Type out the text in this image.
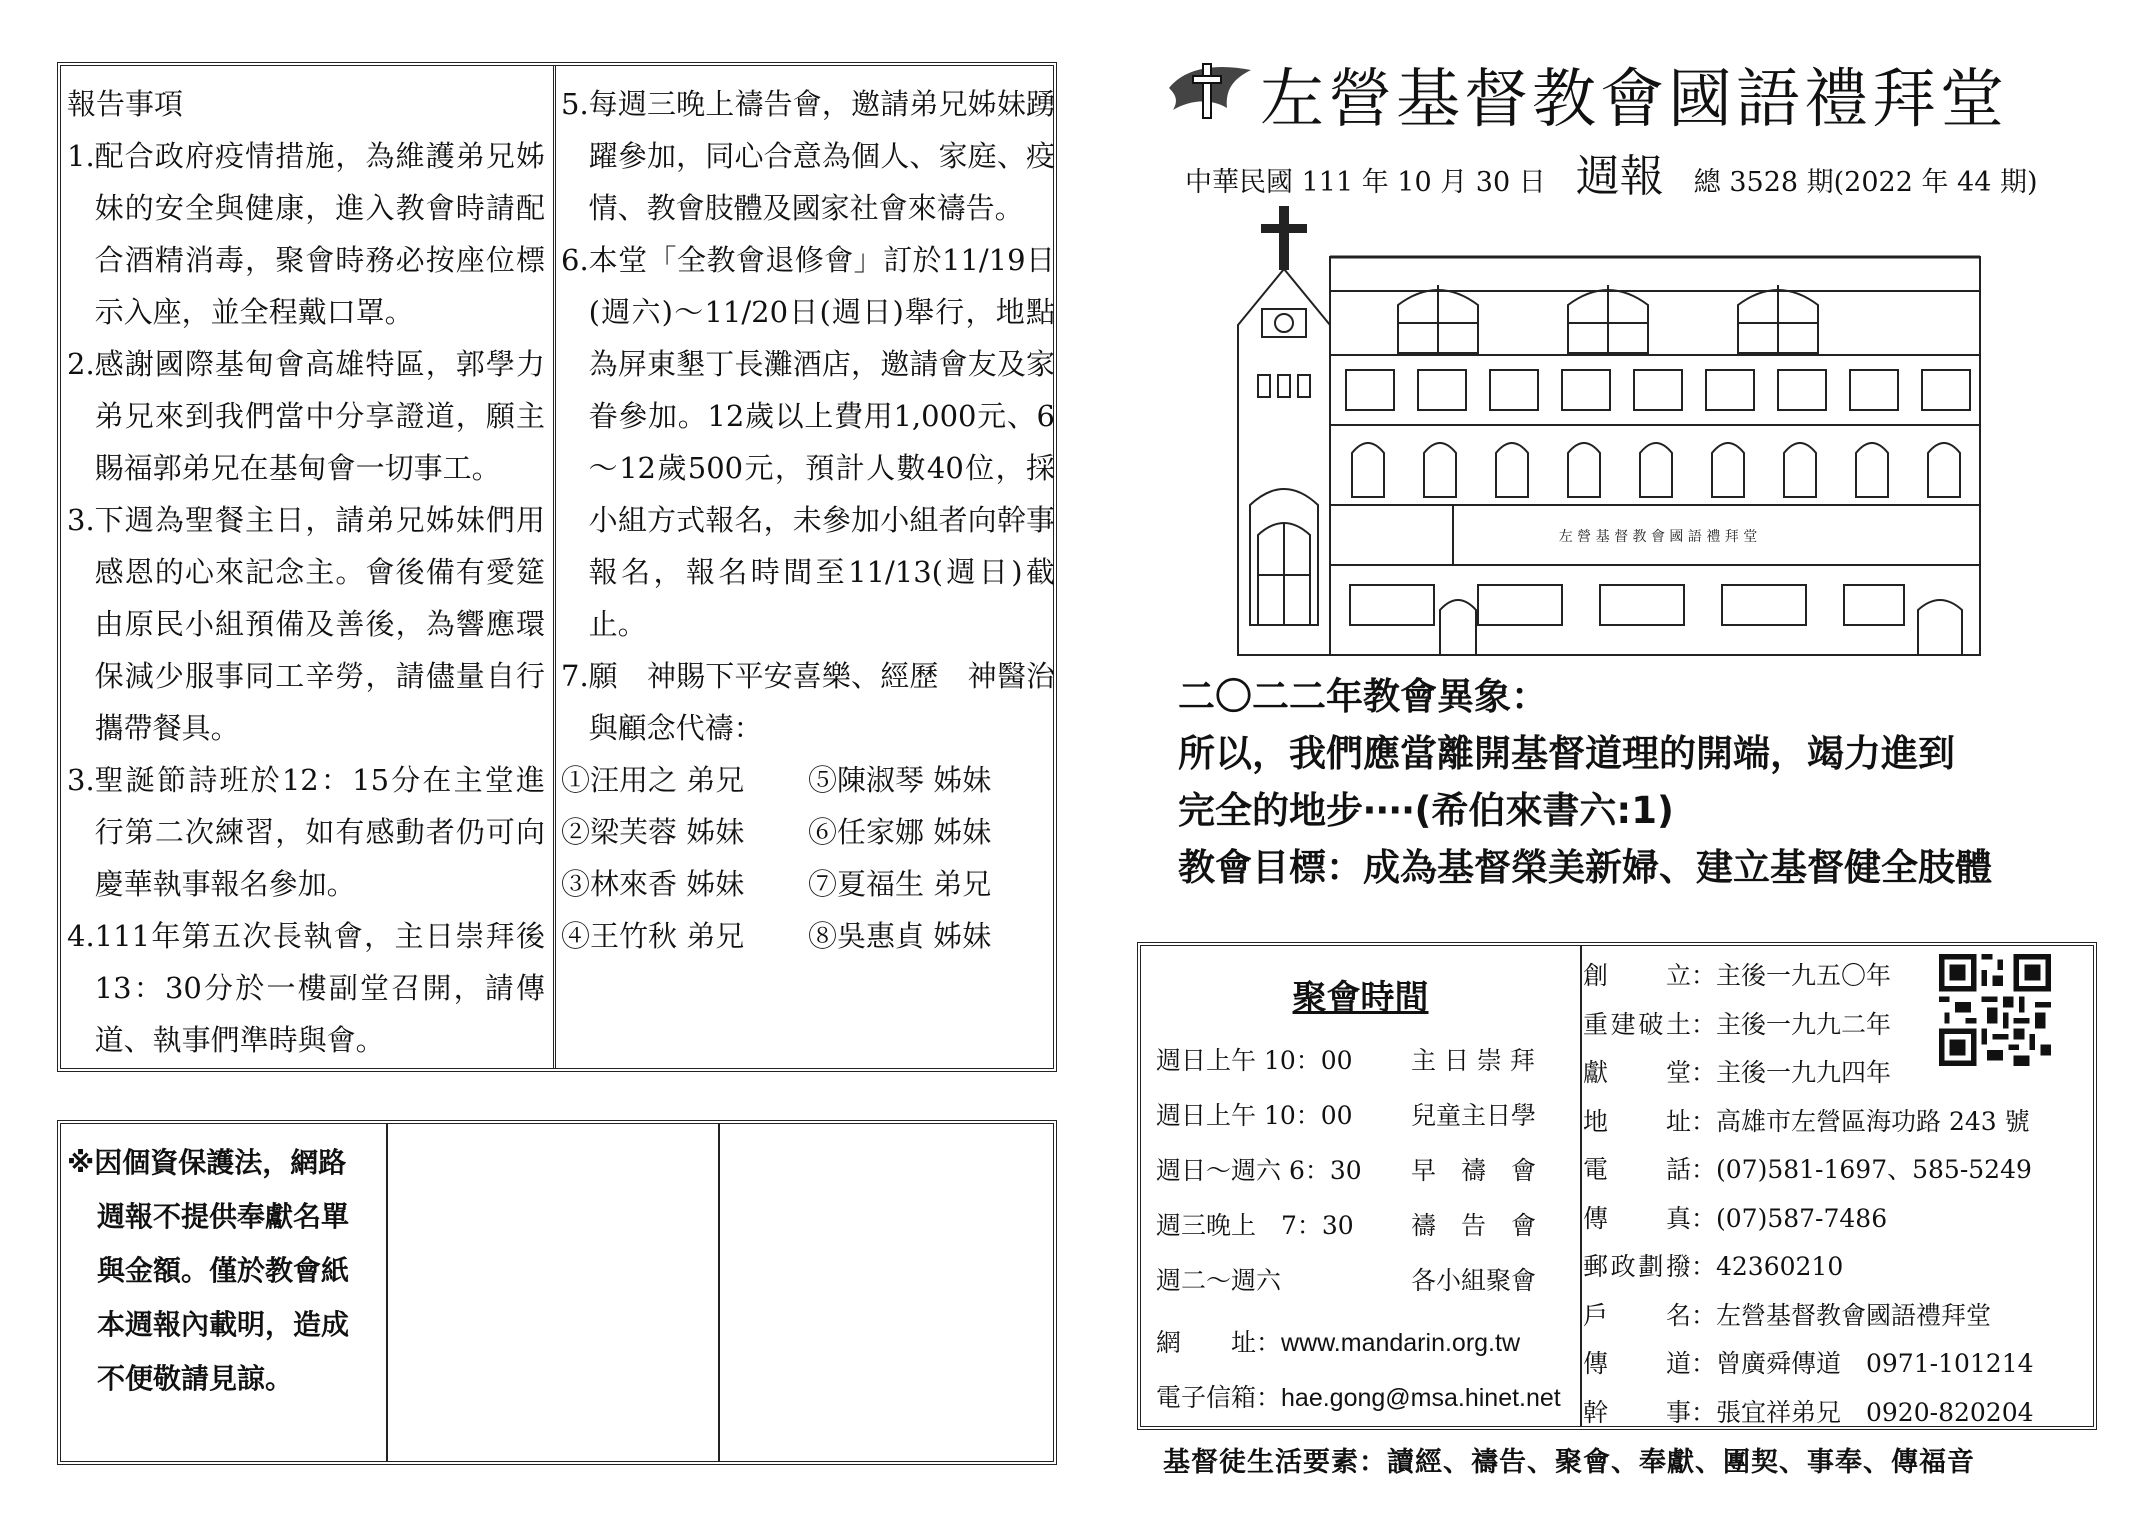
報告事項
1. 配合政府疫情措施，為維護弟兄姊妹的安全與健康，進入教會時請配合酒精消毒，聚會時務必按座位標示入座，並全程戴口罩。
2. 感謝國際基甸會高雄特區，郭學力弟兄來到我們當中分享證道，願主賜福郭弟兄在基甸會一切事工。
3. 下週為聖餐主日，請弟兄姊妹們用感恩的心來記念主。會後備有愛筵由原民小組預備及善後，為響應環保減少服事同工辛勞，請儘量自行攜帶餐具。
3. 聖誕節詩班於12：15分在主堂進行第二次練習，如有感動者仍可向慶華執事報名參加。
4. 111年第五次長執會，主日崇拜後13：30分於一樓副堂召開，請傳道、執事們準時與會。
5. 每週三晚上禱告會，邀請弟兄姊妹踴躍參加，同心合意為個人、家庭、疫情、教會肢體及國家社會來禱告。
6. 本堂「全教會退修會」訂於11/19日(週六)～11/20日(週日)舉行，地點為屏東墾丁長灘酒店，邀請會友及家眷參加。12歲以上費用1,000元、6～12歲500元，預計人數40位，採小組方式報名，未參加小組者向幹事報名，報名時間至11/13(週日)截止。
7. 願　神賜下平安喜樂、經歷　神醫治與顧念代禱：
①汪用之 弟兄	⑤陳淑琴 姊妹
②梁芙蓉 姊妹	⑥任家娜 姊妹
③林來香 姊妹	⑦夏福生 弟兄
④王竹秋 弟兄	⑧吳惠貞 姊妹
※因個資保護法，網路
週報不提供奉獻名單
與金額。僅於教會紙
本週報內載明，造成
不便敬請見諒。
左營基督教會國語禮拜堂
中華民國 111 年 10 月 30 日 週報 總 3528 期(2022 年 44 期)
左 營 基 督 教 會 國 語 禮 拜 堂
二〇二二年教會異象：
所以，我們應當離開基督道理的開端，竭力進到
完全的地步‧‧‧‧(希伯來書六:1)
教會目標：成為基督榮美新婦、建立基督健全肢體
聚會時間
週日上午 10：00 主 日 崇 拜
週日上午 10：00 兒童主日學
週日～週六 6：30 早　禱　會
週三晚上　7：30 禱　告　會
週二～週六	各小組聚會
網　　址：www.mandarin.org.tw
電子信箱：hae.gong@msa.hinet.net
創立：主後一九五〇年
重建破土：主後一九九二年
獻堂：主後一九九四年
地址：高雄市左營區海功路 243 號
電話：(07)581-1697、585-5249
傳真：(07)587-7486
郵政劃撥：42360210
戶名：左營基督教會國語禮拜堂
傳道：曾廣舜傳道　0971-101214
幹事：張宜祥弟兄　0920-820204
基督徒生活要素：讀經、禱告、聚會、奉獻、團契、事奉、傳福音
